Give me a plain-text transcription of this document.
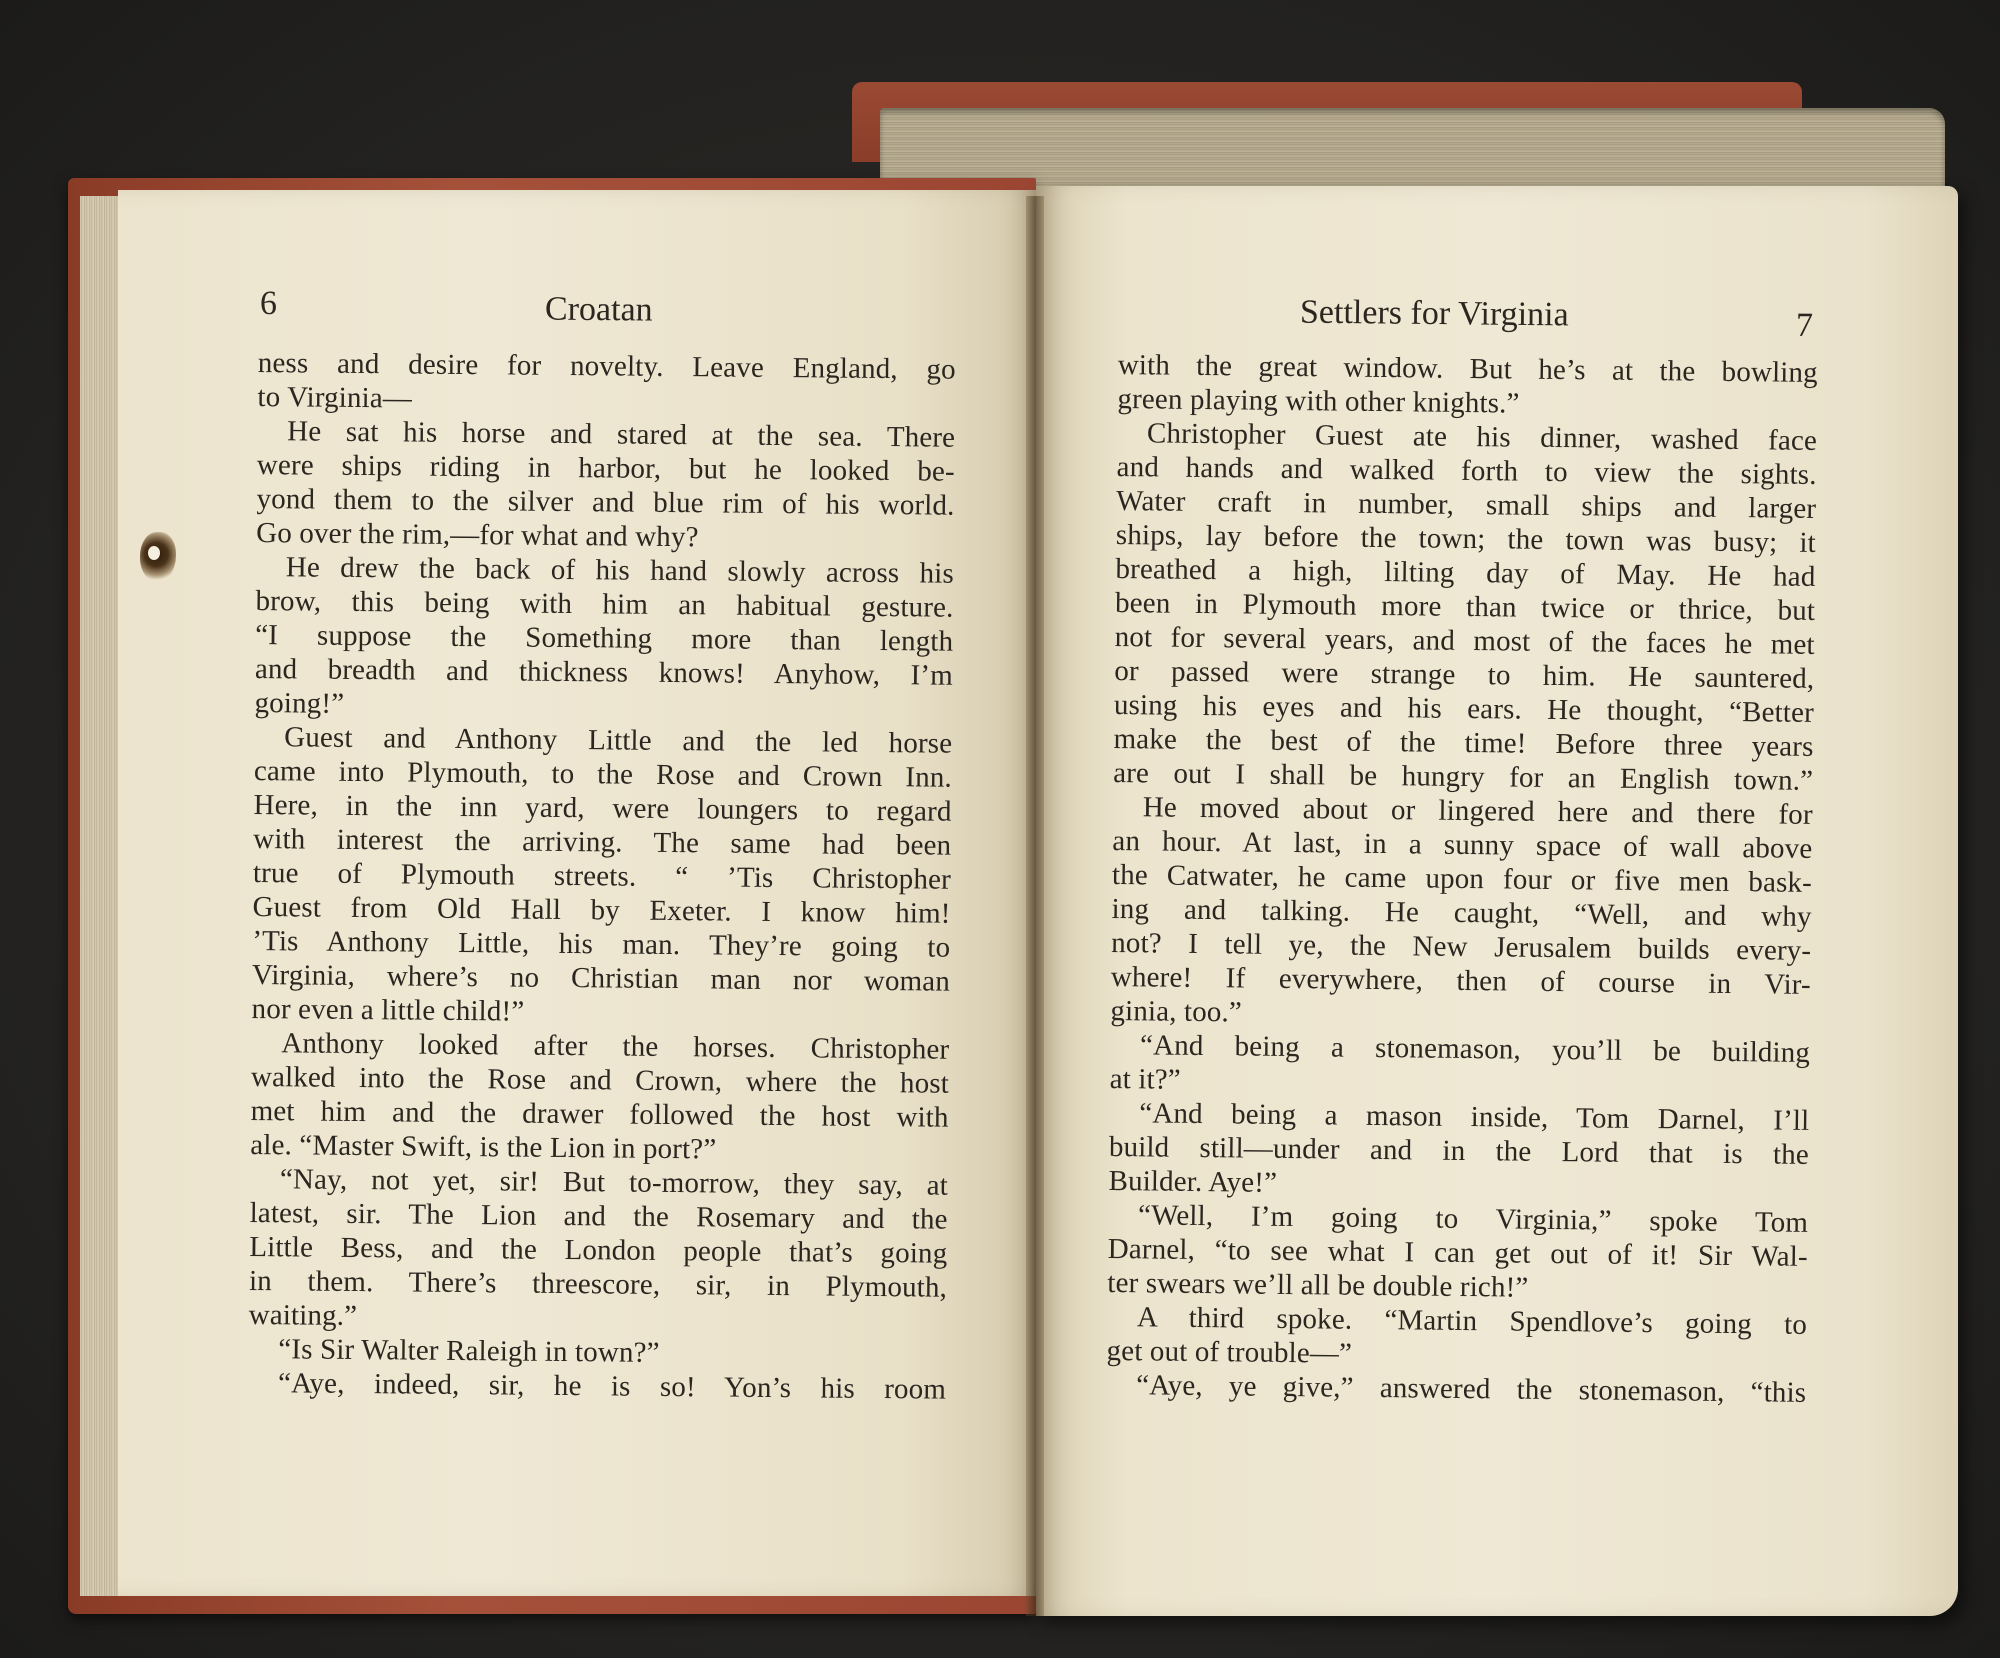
6	Croatan	Settlers for Virginia	7
ness and desire for novelty. Leave England, go
to Virginia—
He sat his horse and stared at the sea. There
were ships riding in harbor, but he looked be-
yond them to the silver and blue rim of his world.
Go over the rim,—for what and why?
He drew the back of his hand slowly across his
brow, this being with him an habitual gesture.
“I suppose the Something more than length
and breadth and thickness knows! Anyhow, I’m
going!”
Guest and Anthony Little and the led horse
came into Plymouth, to the Rose and Crown Inn.
Here, in the inn yard, were loungers to regard
with interest the arriving. The same had been
true of Plymouth streets. “ ’Tis Christopher
Guest from Old Hall by Exeter. I know him!
’Tis Anthony Little, his man. They’re going to
Virginia, where’s no Christian man nor woman
nor even a little child!”
Anthony looked after the horses. Christopher
walked into the Rose and Crown, where the host
met him and the drawer followed the host with
ale. “Master Swift, is the Lion in port?”
“Nay, not yet, sir! But to-morrow, they say, at
latest, sir. The Lion and the Rosemary and the
Little Bess, and the London people that’s going
in them. There’s threescore, sir, in Plymouth,
waiting.”
“Is Sir Walter Raleigh in town?”
“Aye, indeed, sir, he is so! Yon’s his room
with the great window. But he’s at the bowling
green playing with other knights.”
Christopher Guest ate his dinner, washed face
and hands and walked forth to view the sights.
Water craft in number, small ships and larger
ships, lay before the town; the town was busy; it
breathed a high, lilting day of May. He had
been in Plymouth more than twice or thrice, but
not for several years, and most of the faces he met
or passed were strange to him. He sauntered,
using his eyes and his ears. He thought, “Better
make the best of the time! Before three years
are out I shall be hungry for an English town.”
He moved about or lingered here and there for
an hour. At last, in a sunny space of wall above
the Catwater, he came upon four or five men bask-
ing and talking. He caught, “Well, and why
not? I tell ye, the New Jerusalem builds every-
where! If everywhere, then of course in Vir-
ginia, too.”
“And being a stonemason, you’ll be building
at it?”
“And being a mason inside, Tom Darnel, I’ll
build still—under and in the Lord that is the
Builder. Aye!”
“Well, I’m going to Virginia,” spoke Tom
Darnel, “to see what I can get out of it! Sir Wal-
ter swears we’ll all be double rich!”
A third spoke. “Martin Spendlove’s going to
get out of trouble—”
“Aye, ye give,” answered the stonemason, “this
